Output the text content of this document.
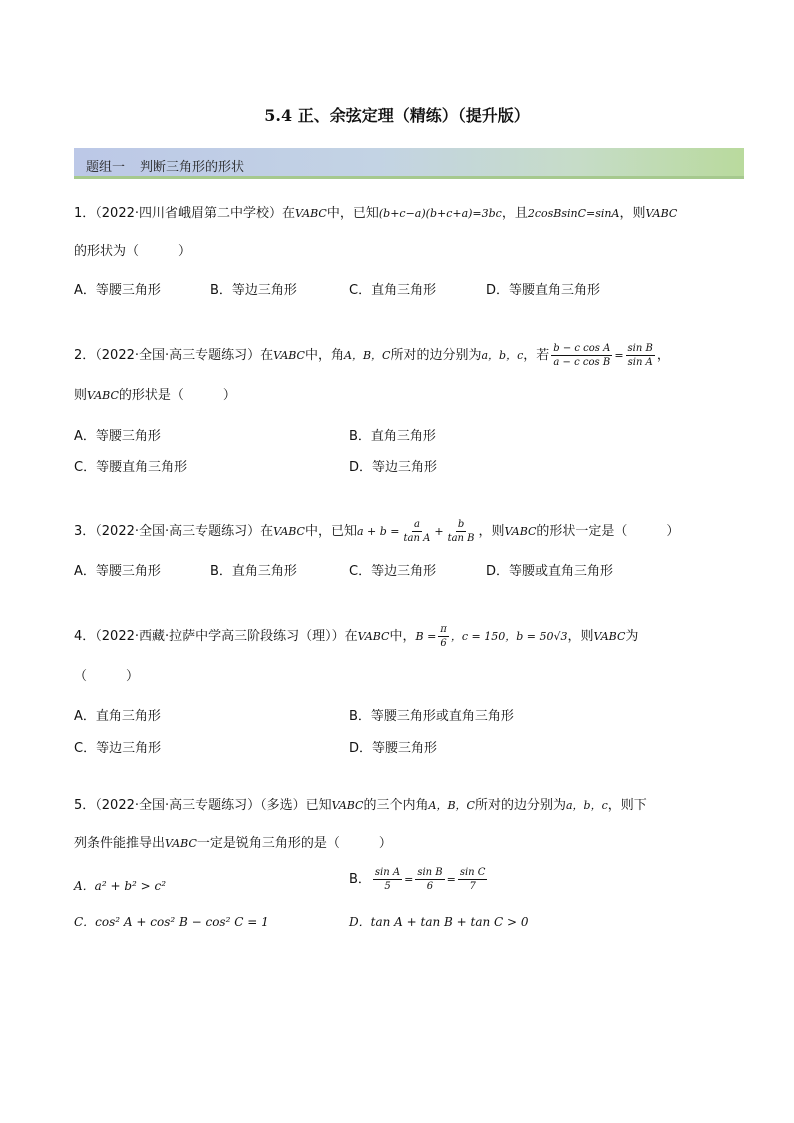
5.4 正、余弦定理（精练）（提升版）
题组一 判断三角形的形状
1．（2022·四川省峨眉第二中学校）在VABC中，已知(b+c−a)(b+c+a)=3bc，且2cosBsinC=sinA，则VABC
的形状为（　　　）
A．等腰三角形	B．等边三角形	C．直角三角形	D．等腰直角三角形
2．（2022·全国·高三专题练习）在VABC中，角A，B，C所对的边分别为a，b，c，若 $\frac{\text{b − c cos A}}{\text{a − c cos B}} = \frac{\text{sin B}}{\text{sin A}}$ ，
则VABC的形状是（　　　）
A．等腰三角形	B．直角三角形
C．等腰直角三角形	D．等边三角形
3．（2022·全国·高三专题练习）在VABC中，已知$a + b = \frac{a}{\text{tan A}} + \frac{b}{\text{tan B}}$ ，则VABC的形状一定是（　　　）
A．等腰三角形	B．直角三角形	C．等边三角形	D．等腰或直角三角形
4．（2022·西藏·拉萨中学高三阶段练习（理））在VABC中，$B = \frac{\pi}{6}$ ，c = 150，b = 50√3，则VABC为
（　　　）
A．直角三角形	B．等腰三角形或直角三角形
C．等边三角形	D．等腰三角形
5．（2022·全国·高三专题练习）（多选）已知VABC的三个内角A，B，C所对的边分别为a，b，c，则下
列条件能推导出VABC一定是锐角三角形的是（　　　）
A．a² + b² > c²	B． $\frac{\text{sin A}}{5} = \frac{\text{sin B}}{6} = \frac{\text{sin C}}{7}$
C．cos² A + cos² B − cos² C = 1	D．tan A + tan B + tan C > 0
